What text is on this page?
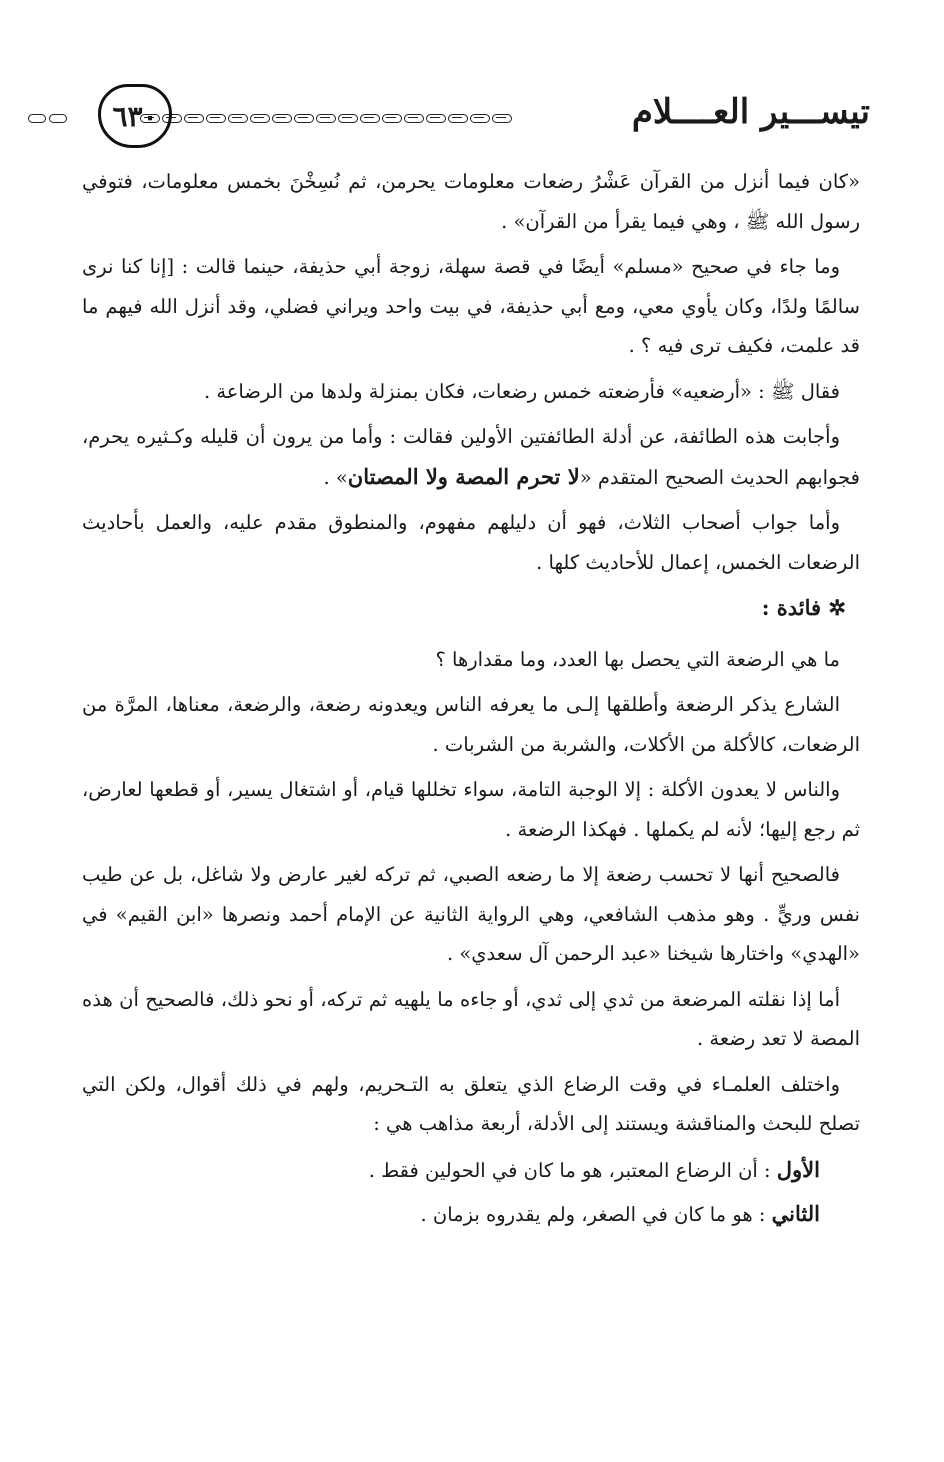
تيســـير العــــلام
٦٣٠

«كان فيما أنزل من القرآن عَشْرُ رضعات معلومات يحرمن، ثم نُسِخْنَ بخمس معلومات، فتوفي رسول الله ﷺ ، وهي فيما يقرأ من القرآن» .

وما جاء في صحيح «مسلم» أيضًا في قصة سهلة، زوجة أبي حذيفة، حينما قالت : [إنا كنا نرى سالمًا ولدًا، وكان يأوي معي، ومع أبي حذيفة، في بيت واحد ويراني فضلي، وقد أنزل الله فيهم ما قد علمت، فكيف ترى فيه ؟ .

فقال ﷺ : «أرضعيه» فأرضعته خمس رضعات، فكان بمنزلة ولدها من الرضاعة .

وأجابت هذه الطائفة، عن أدلة الطائفتين الأولين فقالت : وأما من يرون أن قليله وكـثيره يحرم، فجوابهم الحديث الصحيح المتقدم «لا تحرم المصة ولا المصتان» .

وأما جواب أصحاب الثلاث، فهو أن دليلهم مفهوم، والمنطوق مقدم عليه، والعمل بأحاديث الرضعات الخمس، إعمال للأحاديث كلها .

✲ فائدة :

ما هي الرضعة التي يحصل بها العدد، وما مقدارها ؟

الشارع يذكر الرضعة وأطلقها إلـى ما يعرفه الناس ويعدونه رضعة، والرضعة، معناها، المرَّة من الرضعات، كالأكلة من الأكلات، والشربة من الشربات .

والناس لا يعدون الأكلة : إلا الوجبة التامة، سواء تخللها قيام، أو اشتغال يسير، أو قطعها لعارض، ثم رجع إليها؛ لأنه لم يكملها . فهكذا الرضعة .

فالصحيح أنها لا تحسب رضعة إلا ما رضعه الصبي، ثم تركه لغير عارض ولا شاغل، بل عن طيب نفس وريٍّ . وهو مذهب الشافعي، وهي الرواية الثانية عن الإمام أحمد ونصرها «ابن القيم» في «الهدي» واختارها شيخنا «عبد الرحمن آل سعدي» .

أما إذا نقلته المرضعة من ثدي إلى ثدي، أو جاءه ما يلهيه ثم تركه، أو نحو ذلك، فالصحيح أن هذه المصة لا تعد رضعة .

واختلف العلمـاء في وقت الرضاع الذي يتعلق به التـحريم، ولهم في ذلك أقوال، ولكن التي تصلح للبحث والمناقشة ويستند إلى الأدلة، أربعة مذاهب هي :

الأول : أن الرضاع المعتبر، هو ما كان في الحولين فقط .

الثاني : هو ما كان في الصغر، ولم يقدروه بزمان .
